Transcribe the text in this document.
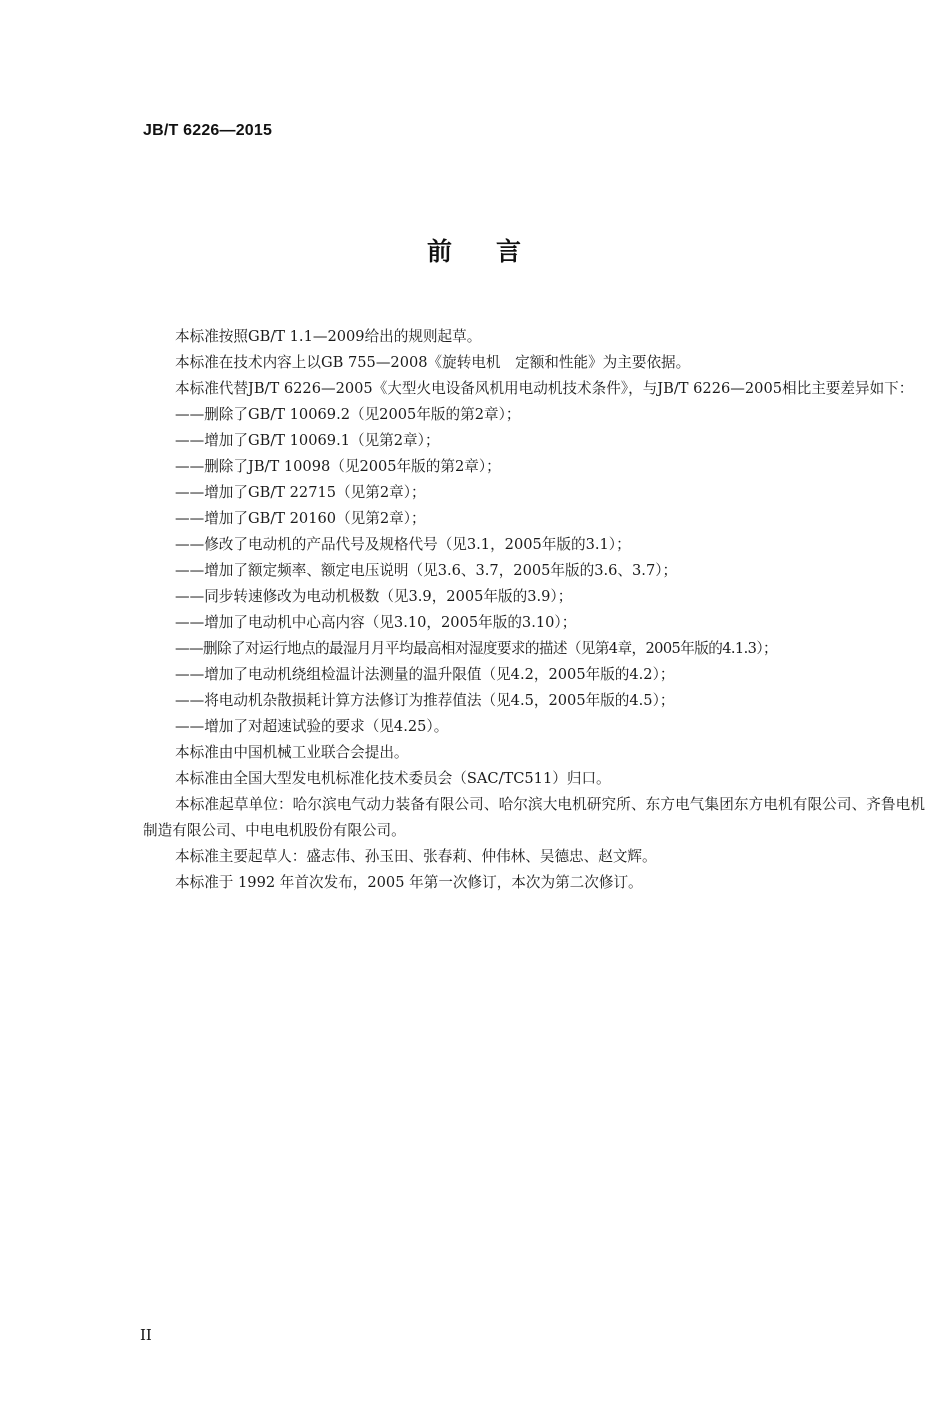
JB/T 6226—2015
前 言

本标准按照GB/T 1.1—2009给出的规则起草。

本标准在技术内容上以GB 755—2008《旋转电机　定额和性能》为主要依据。

本标准代替JB/T 6226—2005《大型火电设备风机用电动机技术条件》，与JB/T 6226—2005相比主要差异如下：

——删除了GB/T 10069.2（见2005年版的第2章）；

——增加了GB/T 10069.1（见第2章）；

——删除了JB/T 10098（见2005年版的第2章）；

——增加了GB/T 22715（见第2章）；

——增加了GB/T 20160（见第2章）；

——修改了电动机的产品代号及规格代号（见3.1，2005年版的3.1）；

——增加了额定频率、额定电压说明（见3.6、3.7，2005年版的3.6、3.7）；

——同步转速修改为电动机极数（见3.9，2005年版的3.9）；

——增加了电动机中心高内容（见3.10，2005年版的3.10）；

——删除了对运行地点的最湿月月平均最高相对湿度要求的描述（见第4章，2005年版的4.1.3）；

——增加了电动机绕组检温计法测量的温升限值（见4.2，2005年版的4.2）；

——将电动机杂散损耗计算方法修订为推荐值法（见4.5，2005年版的4.5）；

——增加了对超速试验的要求（见4.25）。

本标准由中国机械工业联合会提出。

本标准由全国大型发电机标准化技术委员会（SAC/TC511）归口。

本标准起草单位：哈尔滨电气动力装备有限公司、哈尔滨大电机研究所、东方电气集团东方电机有限公司、齐鲁电机制造有限公司、中电电机股份有限公司。

本标准主要起草人：盛志伟、孙玉田、张春莉、仲伟林、吴德忠、赵文辉。

本标准于 1992 年首次发布，2005 年第一次修订，本次为第二次修订。

II
